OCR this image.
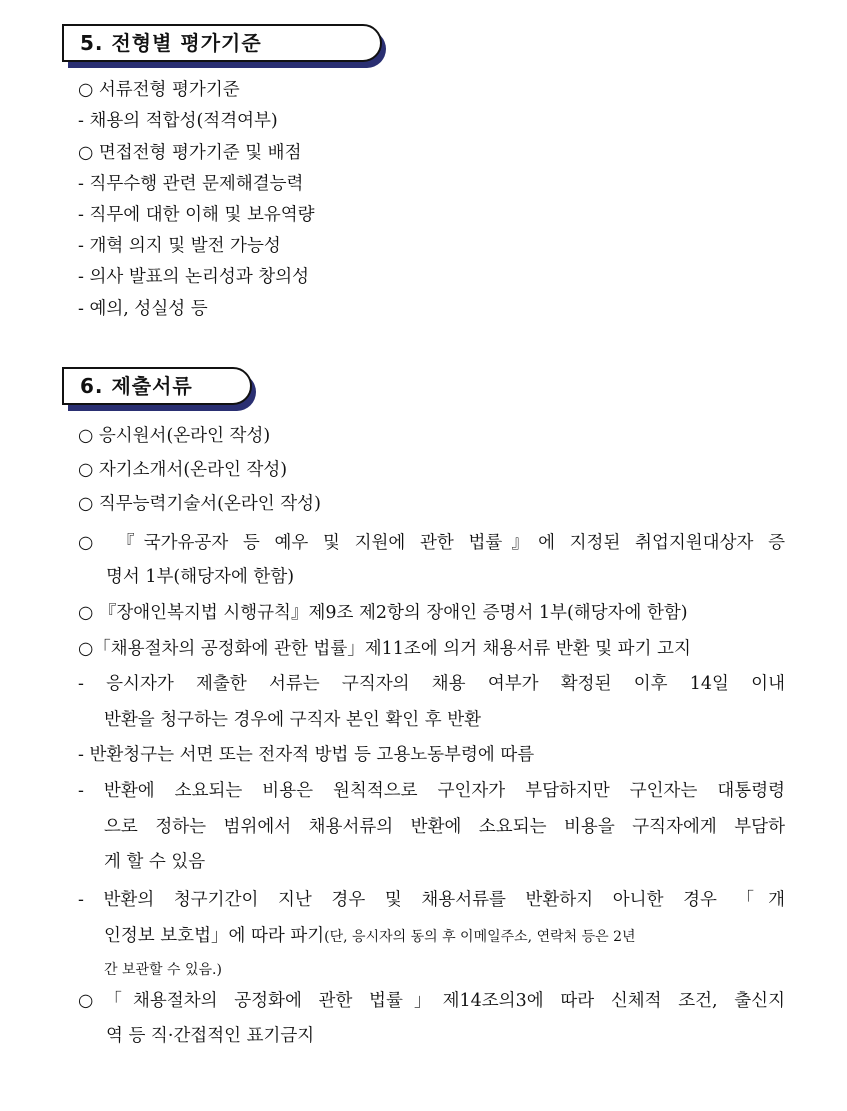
5. 전형별 평가기준
○ 서류전형 평가기준
- 채용의 적합성(적격여부)
○ 면접전형 평가기준 및 배점
- 직무수행 관련 문제해결능력
- 직무에 대한 이해 및 보유역량
- 개혁 의지 및 발전 가능성
- 의사 발표의 논리성과 창의성
- 예의, 성실성 등
6. 제출서류
○ 응시원서(온라인 작성)
○ 자기소개서(온라인 작성)
○ 직무능력기술서(온라인 작성)
○ 『국가유공자 등 예우 및 지원에 관한 법률』에 지정된 취업지원대상자 증
명서 1부(해당자에 한함)
○ 『장애인복지법 시행규칙』제9조 제2항의 장애인 증명서 1부(해당자에 한함)
○「채용절차의 공정화에 관한 법률」제11조에 의거 채용서류 반환 및 파기 고지
- 응시자가 제출한 서류는 구직자의 채용 여부가 확정된 이후 14일 이내
반환을 청구하는 경우에 구직자 본인 확인 후 반환
- 반환청구는 서면 또는 전자적 방법 등 고용노동부령에 따름
- 반환에 소요되는 비용은 원칙적으로 구인자가 부담하지만 구인자는 대통령령
으로 정하는 범위에서 채용서류의 반환에 소요되는 비용을 구직자에게 부담하
게 할 수 있음
- 반환의 청구기간이 지난 경우 및 채용서류를 반환하지 아니한 경우 「개
인정보 보호법」에 따라 파기(단, 응시자의 동의 후 이메일주소, 연락처 등은 2년
간 보관할 수 있음.)
○「채용절차의 공정화에 관한 법률」제14조의3에 따라 신체적 조건, 출신지
역 등 직·간접적인 표기금지
